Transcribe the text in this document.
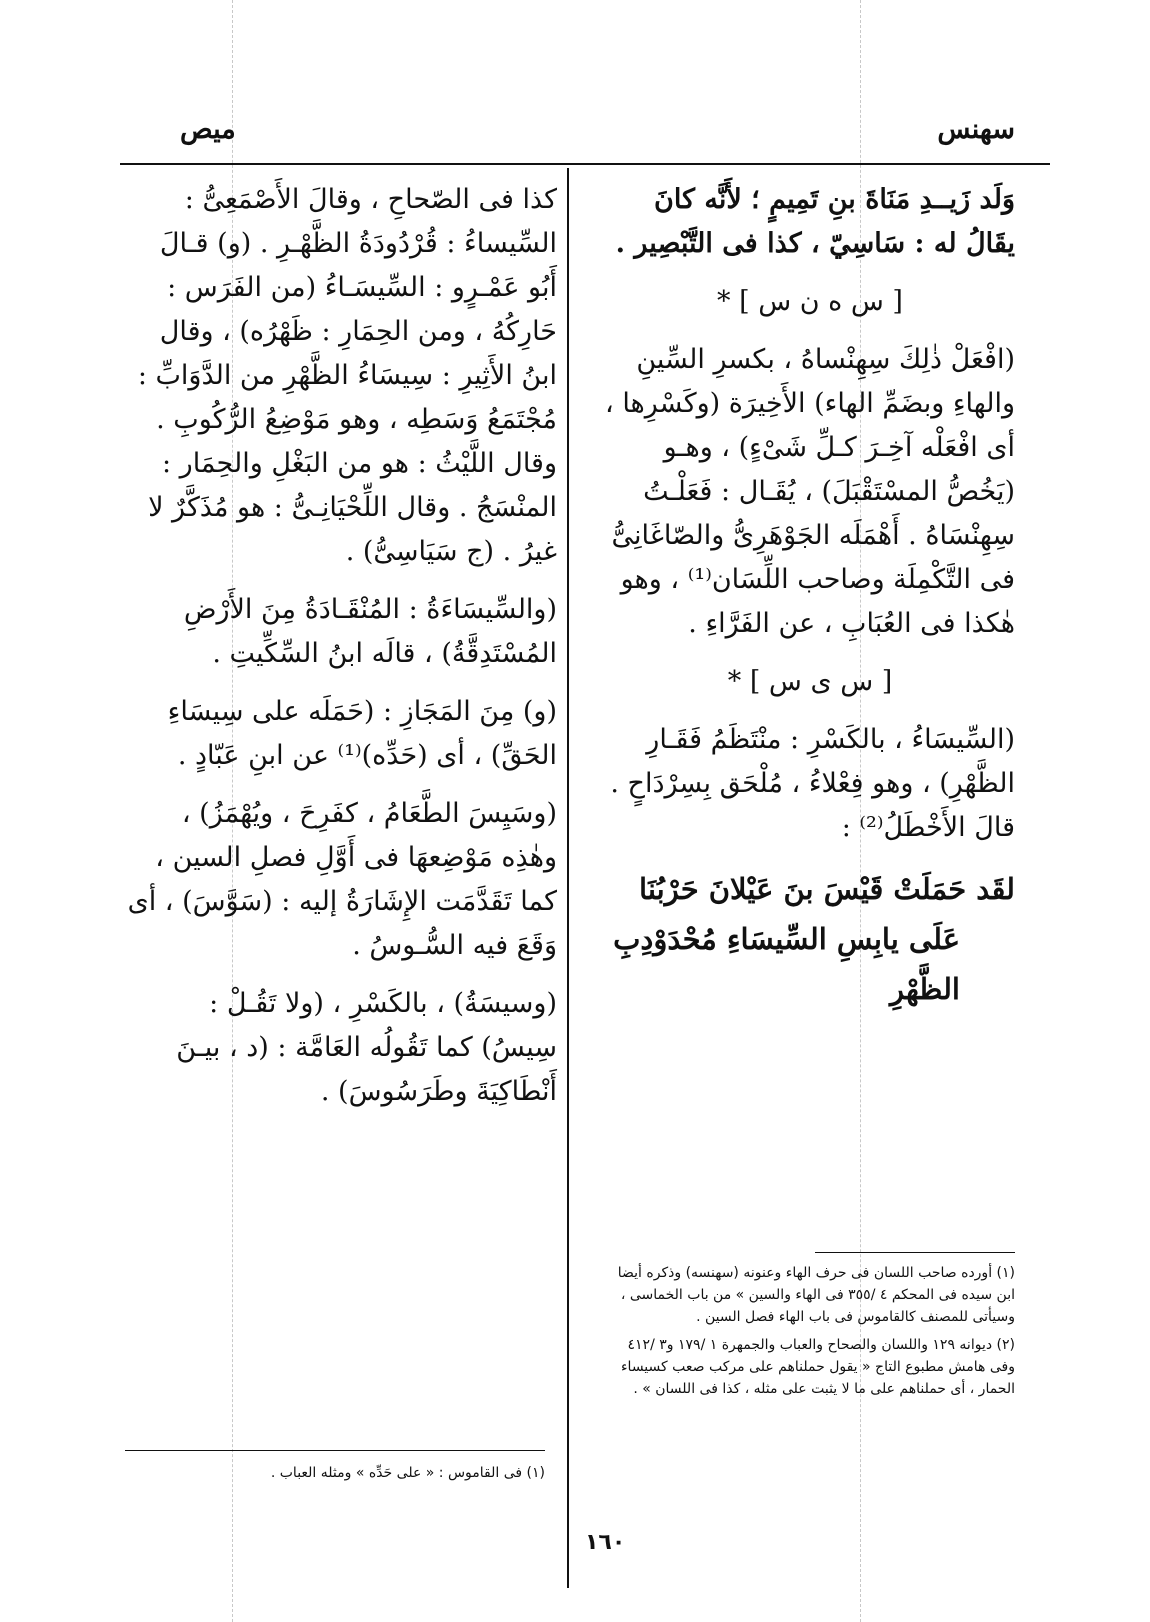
سهنس
ميص

وَلَد زَيــدِ مَنَاةَ بنِ تَمِيمٍ ؛ لأَنَّه كانَ يقَالُ له : سَاسِيّ ، كذا فى التَّبْصِير .

[ س ه ن س ] *

(افْعَلْ ذٰلِكَ سِهِنْساهُ ، بكسرِ السِّينِ والهاءِ وبضَمِّ الهاء) الأَخِيرَة (وكَسْرِها ، أى افْعَلْه آخِـرَ كـلِّ شَىْءٍ) ، وهـو (يَخُصُّ المسْتَقْبَلَ) ، يُقَـال : فَعَلْـتُ سِهِنْسَاهُ . أَهْمَلَه الجَوْهَرِىُّ والصّاغَانِىُّ فى التَّكْمِلَة وصاحب اللِّسَان⁽¹⁾ ، وهو هٰكذا فى العُبَابِ ، عن الفَرَّاءِ .

[ س ى س ] *

(السِّيسَاءُ ، بالكَسْرِ : منْتَظَمُ فَقَـارِ الظَّهْرِ) ، وهو فِعْلاءُ ، مُلْحَق بِسِرْدَاحٍ . قالَ الأَخْطَلُ⁽²⁾ :

لقَد حَمَلَتْ قَيْسَ بنَ عَيْلانَ حَرْبُنَا

عَلَى يابِسِ السِّيسَاءِ مُحْدَوْدِبِ الظَّهْرِ

كذا فى الصّحاحِ ، وقالَ الأَصْمَعِىُّ : السِّيساءُ : قُرْدُودَةُ الظَّهْـرِ . (و) قـالَ أَبُو عَمْـرٍو : السِّيسَـاءُ (من الفَرَس : حَارِكُهُ ، ومن الحِمَارِ : ظَهْرُه) ، وقال ابنُ الأَثِيرِ : سِيسَاءُ الظَّهْرِ من الدَّوَابِّ : مُجْتَمَعُ وَسَطِه ، وهو مَوْضِعُ الرُّكُوبِ . وقال اللَّيْثُ : هو من البَغْلِ والحِمَار : المنْسَجُ . وقال اللِّحْيَانِـىُّ : هو مُذَكَّرٌ لا غيرُ . (ج سَيَاسِىُّ) .

(والسِّيسَاءَةُ : المُنْقَـادَةُ مِنَ الأَرْضِ المُسْتَدِقَّةُ) ، قالَه ابنُ السِّكِّيتِ .

(و) مِنَ المَجَازِ : (حَمَلَه على سِيسَاءِ الحَقِّ) ، أى (حَدِّه)⁽¹⁾ عن ابنِ عَبّادٍ .

(وسَيِسَ الطَّعَامُ ، كفَرِحَ ، ويُهْمَزُ) ، وهٰذِه مَوْضِعهَا فى أَوَّلِ فصلِ السين ، كما تَقَدَّمَت الإِشَارَةُ إليه : (سَوَّسَ) ، أى وَقَعَ فيه السُّـوسُ .

(وسيسَةُ) ، بالكَسْرِ ، (ولا تَقُـلْ : سِيسُ) كما تَقُولُه العَامَّة : (د ، بيـنَ أَنْطَاكِيَةَ وطَرَسُوسَ) .

(١) أورده صاحب اللسان فى حرف الهاء وعنونه (سهنسه) وذكره أيضا ابن سيده فى المحكم ٤ /٣٥٥ فى الهاء والسين » من باب الخماسى ، وسيأتى للمصنف كالقاموس فى باب الهاء فصل السين .

(٢) ديوانه ١٢٩ واللسان والصحاح والعباب والجمهرة ١ /١٧٩ و٣ /٤١٢ وفى هامش مطبوع التاج « يقول حملناهم على مركب صعب كسيساء الحمار ، أى حملناهم على ما لا يثبت على مثله ، كذا فى اللسان » .

(١) فى القاموس : « على حَدِّه » ومثله العباب .

١٦٠
